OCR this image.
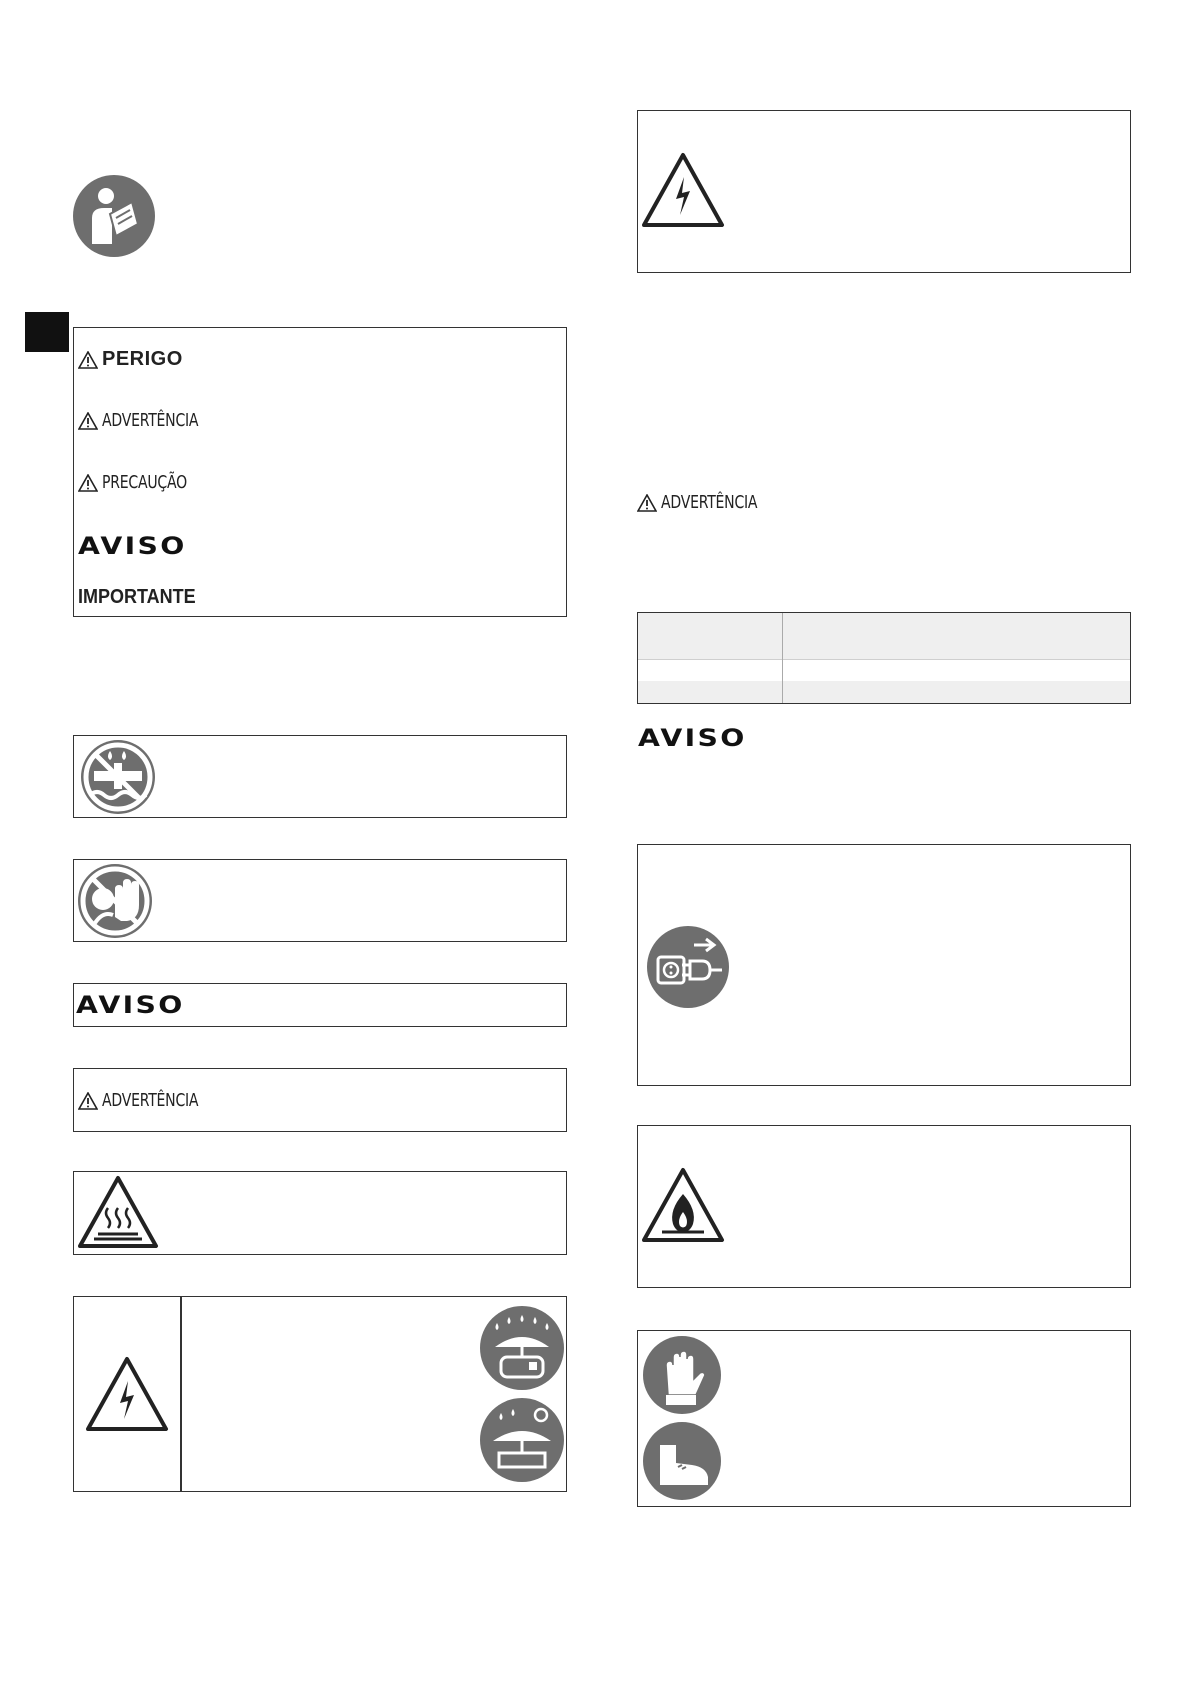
PERIGO
ADVERTÊNCIA
PRECAUÇÃO
AVISO
IMPORTANTE
AVISO
ADVERTÊNCIA
ADVERTÊNCIA
AVISO
